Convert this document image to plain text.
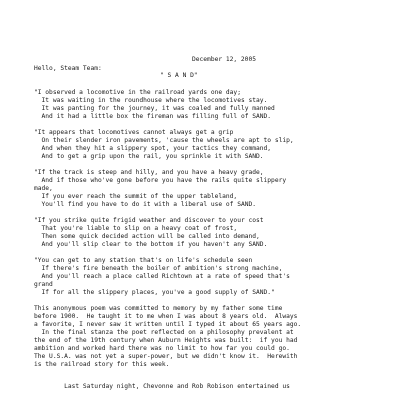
December 12, 2005
Hello, Steam Team:
" S A N D"
"I observed a locomotive in the railroad yards one day;
It was waiting in the roundhouse where the locomotives stay.
It was panting for the journey, it was coaled and fully manned
And it had a little box the fireman was filling full of SAND.
"It appears that locomotives cannot always get a grip
On their slender iron pavements, 'cause the wheels are apt to slip,
And when they hit a slippery spot, your tactics they command,
And to get a grip upon the rail, you sprinkle it with SAND.
"If the track is steep and hilly, and you have a heavy grade,
And if those who've gone before you have the rails quite slippery
made,
If you ever reach the summit of the upper tableland,
You'll find you have to do it with a liberal use of SAND.
"If you strike quite frigid weather and discover to your cost
That you're liable to slip on a heavy coat of frost,
Then some quick decided action will be called into demand,
And you'll slip clear to the bottom if you haven't any SAND.
"You can get to any station that's on life's schedule seen
If there's fire beneath the boiler of ambition's strong machine,
And you'll reach a place called Richtown at a rate of speed that's
grand
If for all the slippery places, you've a good supply of SAND."
This anonymous poem was committed to memory by my father some time
before 1900.  He taught it to me when I was about 8 years old.  Always
a favorite, I never saw it written until I typed it about 65 years ago.
In the final stanza the poet reflected on a philosophy prevalent at
the end of the 19th century when Auburn Heights was built:  if you had
ambition and worked hard there was no limit to how far you could go.
The U.S.A. was not yet a super-power, but we didn't know it.  Herewith
is the railroad story for this week.
Last Saturday night, Chevonne and Rob Robison entertained us
